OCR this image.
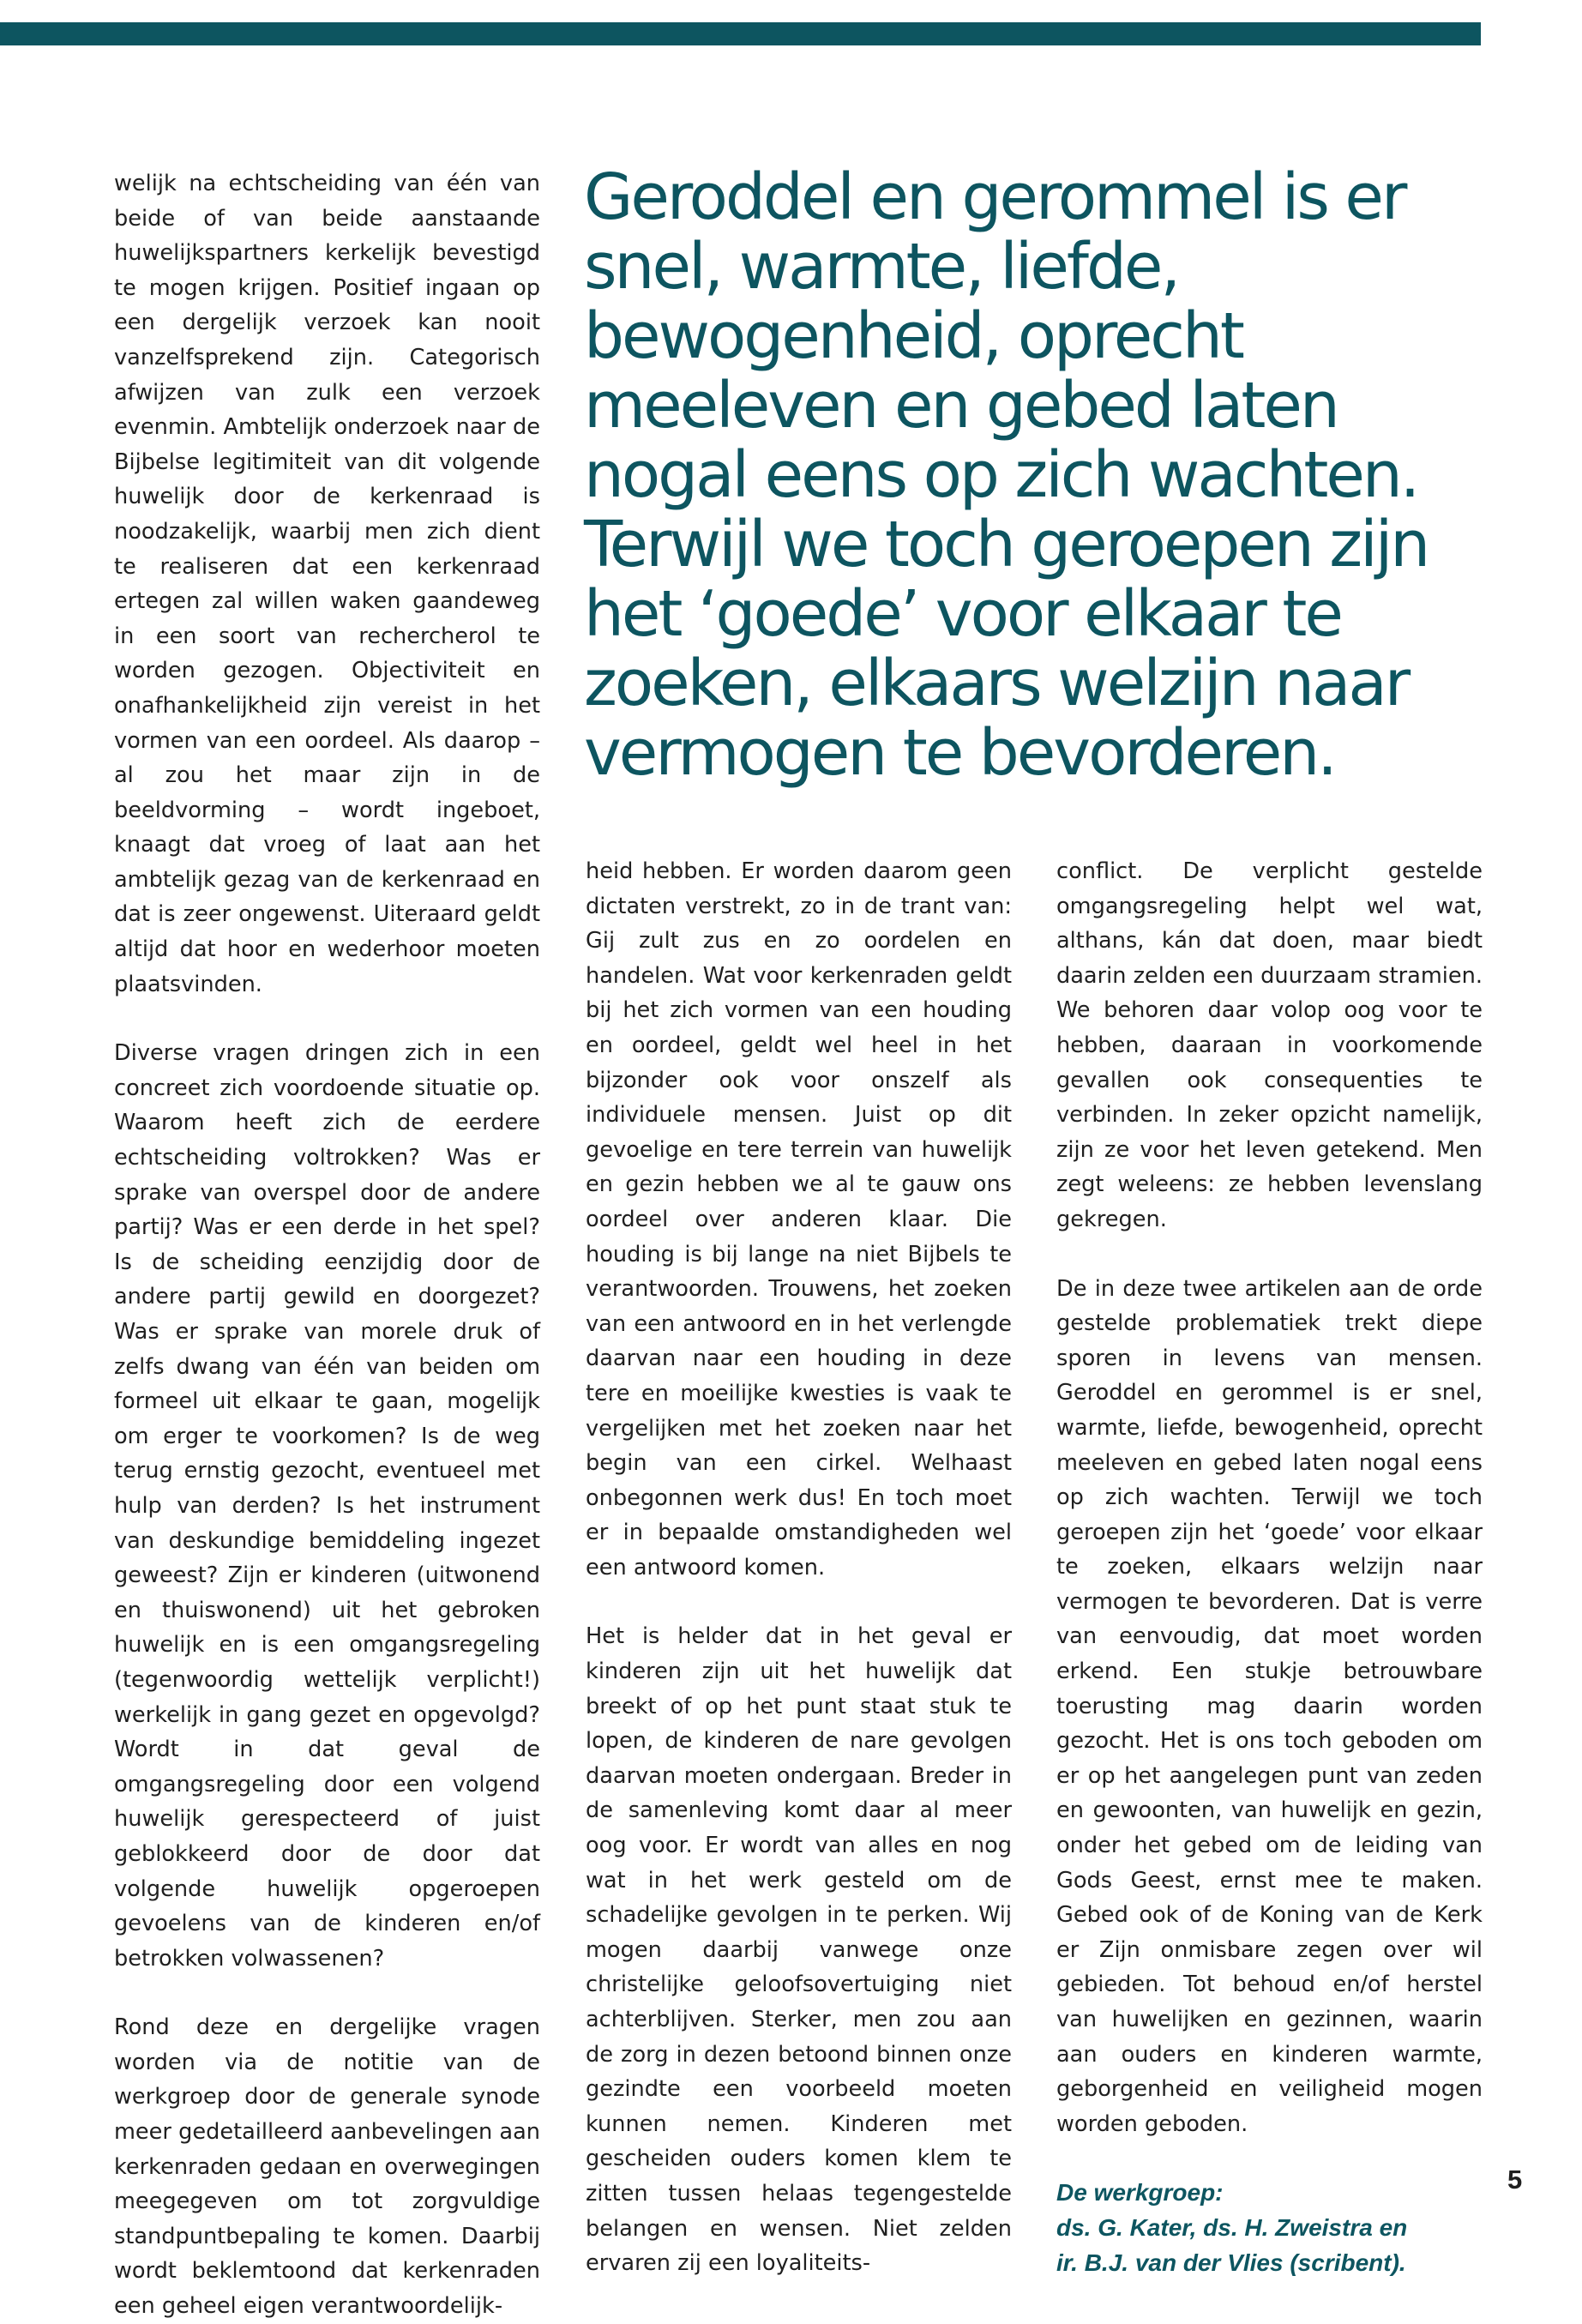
Geroddel en gerommel is er snel, warmte, liefde, bewogenheid, oprecht meeleven en gebed laten nogal eens op zich wachten. Terwijl we toch geroepen zijn het ‘goede’ voor elkaar te zoeken, elkaars welzijn naar vermogen te bevorderen.

welijk na echtscheiding van één van beide of van beide aanstaande huwelijkspartners kerkelijk bevestigd te mogen krijgen. Positief ingaan op een dergelijk verzoek kan nooit vanzelfsprekend zijn. Categorisch afwijzen van zulk een verzoek evenmin. Ambtelijk onderzoek naar de Bijbelse legitimiteit van dit volgende huwelijk door de kerkenraad is noodzakelijk, waarbij men zich dient te realiseren dat een kerkenraad ertegen zal willen waken gaandeweg in een soort van rechercherol te worden gezogen. Objectiviteit en onafhankelijkheid zijn vereist in het vormen van een oordeel. Als daarop – al zou het maar zijn in de beeldvorming – wordt ingeboet, knaagt dat vroeg of laat aan het ambtelijk gezag van de kerkenraad en dat is zeer ongewenst. Uiteraard geldt altijd dat hoor en wederhoor moeten plaatsvinden.

Diverse vragen dringen zich in een concreet zich voordoende situatie op. Waarom heeft zich de eerdere echtscheiding voltrokken? Was er sprake van overspel door de andere partij? Was er een derde in het spel? Is de scheiding eenzijdig door de andere partij gewild en doorgezet? Was er sprake van morele druk of zelfs dwang van één van beiden om formeel uit elkaar te gaan, mogelijk om erger te voorkomen? Is de weg terug ernstig gezocht, eventueel met hulp van derden? Is het instrument van deskundige bemiddeling ingezet geweest? Zijn er kinderen (uitwonend en thuiswonend) uit het gebroken huwelijk en is een omgangsregeling (tegenwoordig wettelijk verplicht!) werkelijk in gang gezet en opgevolgd? Wordt in dat geval de omgangsregeling door een volgend huwelijk gerespecteerd of juist geblokkeerd door de door dat volgende huwelijk opgeroepen gevoelens van de kinderen en/of betrokken volwassenen?

Rond deze en dergelijke vragen worden via de notitie van de werkgroep door de generale synode meer gedetailleerd aanbevelingen aan kerkenraden gedaan en overwegingen meegegeven om tot zorgvuldige standpuntbepaling te komen. Daarbij wordt beklemtoond dat kerkenraden een geheel eigen verantwoordelijk-

heid hebben. Er worden daarom geen dictaten verstrekt, zo in de trant van: Gij zult zus en zo oordelen en handelen. Wat voor kerkenraden geldt bij het zich vormen van een houding en oordeel, geldt wel heel in het bijzonder ook voor onszelf als individuele mensen. Juist op dit gevoelige en tere terrein van huwelijk en gezin hebben we al te gauw ons oordeel over anderen klaar. Die houding is bij lange na niet Bijbels te verantwoorden. Trouwens, het zoeken van een antwoord en in het verlengde daarvan naar een houding in deze tere en moeilijke kwesties is vaak te vergelijken met het zoeken naar het begin van een cirkel. Welhaast onbegonnen werk dus! En toch moet er in bepaalde omstandigheden wel een antwoord komen.

Het is helder dat in het geval er kinderen zijn uit het huwelijk dat breekt of op het punt staat stuk te lopen, de kinderen de nare gevolgen daarvan moeten ondergaan. Breder in de samenleving komt daar al meer oog voor. Er wordt van alles en nog wat in het werk gesteld om de schadelijke gevolgen in te perken. Wij mogen daarbij vanwege onze christelijke geloofsovertuiging niet achterblijven. Sterker, men zou aan de zorg in dezen betoond binnen onze gezindte een voorbeeld moeten kunnen nemen. Kinderen met gescheiden ouders komen klem te zitten tussen helaas tegengestelde belangen en wensen. Niet zelden ervaren zij een loyaliteits-

conflict. De verplicht gestelde omgangsregeling helpt wel wat, althans, kán dat doen, maar biedt daarin zelden een duurzaam stramien. We behoren daar volop oog voor te hebben, daaraan in voorkomende gevallen ook consequenties te verbinden. In zeker opzicht namelijk, zijn ze voor het leven getekend. Men zegt weleens: ze hebben levenslang gekregen.

De in deze twee artikelen aan de orde gestelde problematiek trekt diepe sporen in levens van mensen. Geroddel en gerommel is er snel, warmte, liefde, bewogenheid, oprecht meeleven en gebed laten nogal eens op zich wachten. Terwijl we toch geroepen zijn het ‘goede’ voor elkaar te zoeken, elkaars welzijn naar vermogen te bevorderen. Dat is verre van eenvoudig, dat moet worden erkend. Een stukje betrouwbare toerusting mag daarin worden gezocht. Het is ons toch geboden om er op het aangelegen punt van zeden en gewoonten, van huwelijk en gezin, onder het gebed om de leiding van Gods Geest, ernst mee te maken. Gebed ook of de Koning van de Kerk er Zijn onmisbare zegen over wil gebieden. Tot behoud en/of herstel van huwelijken en gezinnen, waarin aan ouders en kinderen warmte, geborgenheid en veiligheid mogen worden geboden.

De werkgroep:
ds. G. Kater, ds. H. Zweistra en
ir. B.J. van der Vlies (scribent).
5
